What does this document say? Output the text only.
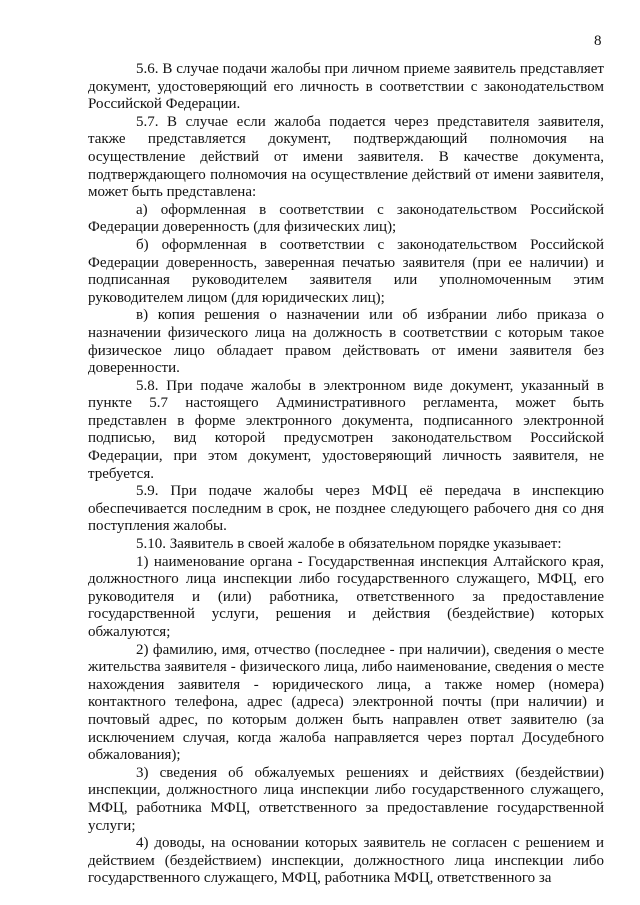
8

5.6. В случае подачи жалобы при личном приеме заявитель представляет документ, удостоверяющий его личность в соответствии с законодательством Российской Федерации.

5.7. В случае если жалоба подается через представителя заявителя, также представляется документ, подтверждающий полномочия на осуществление действий от имени заявителя. В качестве документа, подтверждающего полномочия на осуществление действий от имени заявителя, может быть представлена:

а) оформленная в соответствии с законодательством Российской Федерации доверенность (для физических лиц);

б) оформленная в соответствии с законодательством Российской Федерации доверенность, заверенная печатью заявителя (при ее наличии) и подписанная руководителем заявителя или уполномоченным этим руководителем лицом (для юридических лиц);

в) копия решения о назначении или об избрании либо приказа о назначении физического лица на должность в соответствии с которым такое физическое лицо обладает правом действовать от имени заявителя без доверенности.

5.8. При подаче жалобы в электронном виде документ, указанный в пункте 5.7 настоящего Административного регламента, может быть представлен в форме электронного документа, подписанного электронной подписью, вид которой предусмотрен законодательством Российской Федерации, при этом документ, удостоверяющий личность заявителя, не требуется.

5.9. При подаче жалобы через МФЦ её передача в инспекцию обеспечивается последним в срок, не позднее следующего рабочего дня со дня поступления жалобы.

5.10. Заявитель в своей жалобе в обязательном порядке указывает:

1) наименование органа - Государственная инспекция Алтайского края, должностного лица инспекции либо государственного служащего, МФЦ, его руководителя и (или) работника, ответственного за предоставление государственной услуги, решения и действия (бездействие) которых обжалуются;

2) фамилию, имя, отчество (последнее - при наличии), сведения о месте жительства заявителя - физического лица, либо наименование, сведения о месте нахождения заявителя - юридического лица, а также номер (номера) контактного телефона, адрес (адреса) электронной почты (при наличии) и почтовый адрес, по которым должен быть направлен ответ заявителю (за исключением случая, когда жалоба направляется через портал Досудебного обжалования);

3) сведения об обжалуемых решениях и действиях (бездействии) инспекции, должностного лица инспекции либо государственного служащего, МФЦ, работника МФЦ, ответственного за предоставление государственной услуги;

4) доводы, на основании которых заявитель не согласен с решением и действием (бездействием) инспекции, должностного лица инспекции либо государственного служащего, МФЦ, работника МФЦ, ответственного за
